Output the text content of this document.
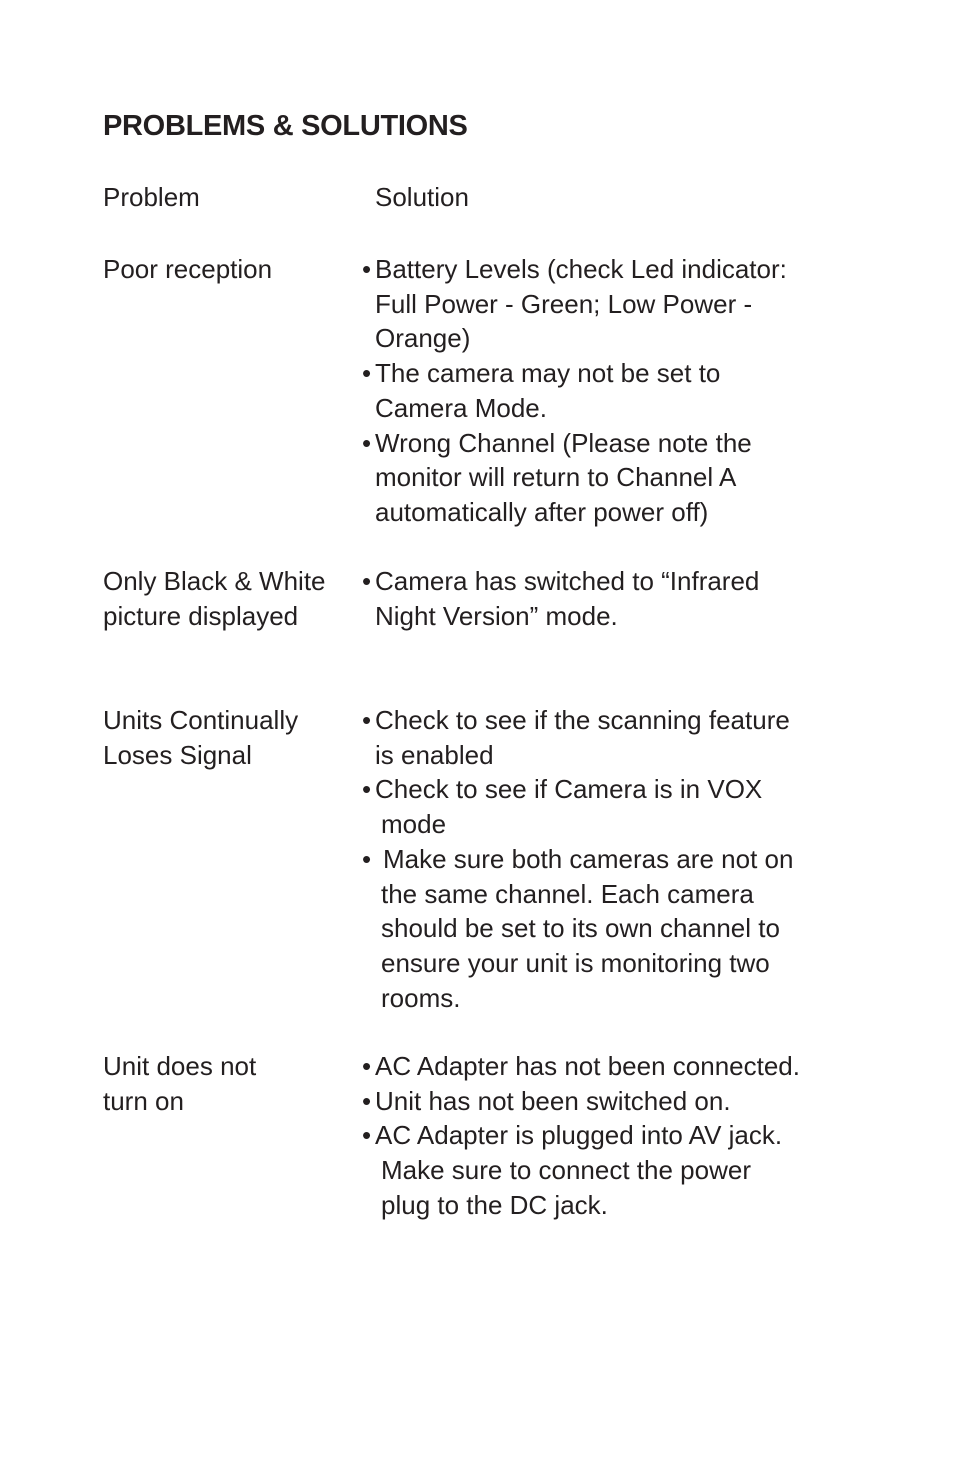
PROBLEMS & SOLUTIONS
Problem	Solution
Poor reception	• Battery Levels (check Led indicator:
Full Power - Green; Low Power -
Orange)
• The camera may not be set to
Camera Mode.
• Wrong Channel (Please note the
monitor will return to Channel A
automatically after power off)
Only Black & White
picture displayed
• Camera has switched to “Infrared
Night Version” mode.
Units Continually
Loses Signal
• Check to see if the scanning feature
is enabled
• Check to see if Camera is in VOX
mode
• Make sure both cameras are not on
the same channel. Each camera
should be set to its own channel to
ensure your unit is monitoring two
rooms.
Unit does not
turn on
• AC Adapter has not been connected.
• Unit has not been switched on.
• AC Adapter is plugged into AV jack.
Make sure to connect the power
plug to the DC jack.
